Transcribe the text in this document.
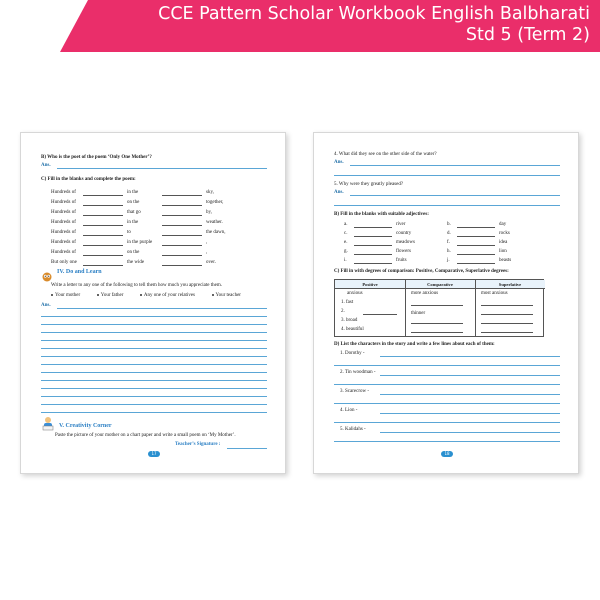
CCE Pattern Scholar Workbook English Balbharati
Std 5 (Term 2)
B) Who is the poet of the poem ‘Only One Mother’?
Ans.
C) Fill in the blanks and complete the poem:
Hundreds of	in the	sky,
Hundreds of	on the	together,
Hundreds of	that go	by,
Hundreds of	in the	weather.
Hundreds of	to	the dawn,
Hundreds of	in the purple	,
Hundreds of	on the	,
But only one	the wide	over.
IV. Do and Learn
Write a letter to any one of the following to tell them how much you appreciate them.
Your mother	Your father	Any one of your relatives	Your teacher
Ans.
V. Creativity Corner
Paste the picture of your mother on a chart paper and write a small poem on ‘My Mother’.
Teacher’s Signature :
17
4. What did they see on the other side of the water?
Ans.
5. Why were they greatly pleased?
Ans.
B) Fill in the blanks with suitable adjectives:
a.	river	b.	day
c.	country	d.	rocks
e.	meadows	f.	idea
g.	flowers	h.	lion
i.	fruits	j.	beasts
C) Fill in with degrees of comparison: Positive, Comparative, Superlative degrees:
Positive	Comparative	Superlative
anxious	more anxious	most anxious
1. fast
2.	thinner
3. broad
4. beautiful
D) List the characters in the story and write a few lines about each of them:
1. Dorothy -
2. Tin woodman -
3. Scarecrow -
4. Lion -
5. Kalidahs -
18
